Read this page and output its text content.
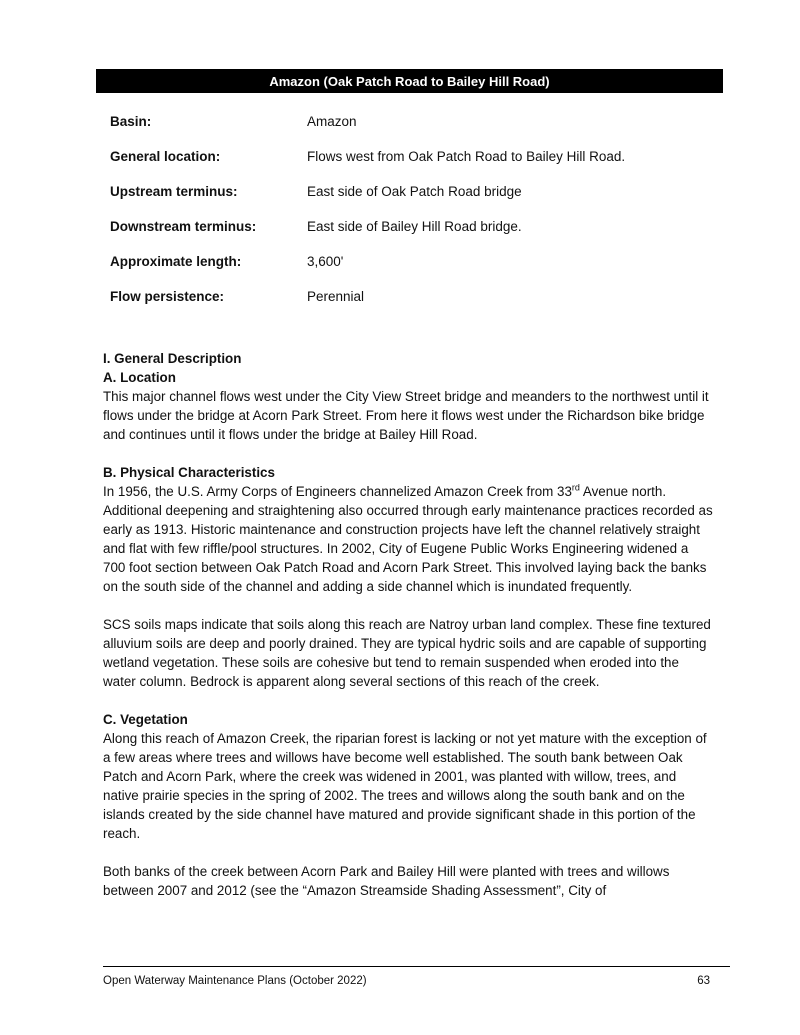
Amazon (Oak Patch Road to Bailey Hill Road)
Basin:	Amazon
General location:	Flows west from Oak Patch Road to Bailey Hill Road.
Upstream terminus:	East side of Oak Patch Road bridge
Downstream terminus:	East side of Bailey Hill Road bridge.
Approximate length:	3,600'
Flow persistence:	Perennial
I. General Description
A. Location

This major channel flows west under the City View Street bridge and meanders to the northwest until it flows under the bridge at Acorn Park Street. From here it flows west under the Richardson bike bridge and continues until it flows under the bridge at Bailey Hill Road.

B. Physical Characteristics

In 1956, the U.S. Army Corps of Engineers channelized Amazon Creek from 33rd Avenue north. Additional deepening and straightening also occurred through early maintenance practices recorded as early as 1913. Historic maintenance and construction projects have left the channel relatively straight and flat with few riffle/pool structures. In 2002, City of Eugene Public Works Engineering widened a 700 foot section between Oak Patch Road and Acorn Park Street. This involved laying back the banks on the south side of the channel and adding a side channel which is inundated frequently.

SCS soils maps indicate that soils along this reach are Natroy urban land complex. These fine textured alluvium soils are deep and poorly drained. They are typical hydric soils and are capable of supporting wetland vegetation. These soils are cohesive but tend to remain suspended when eroded into the water column. Bedrock is apparent along several sections of this reach of the creek.

C. Vegetation

Along this reach of Amazon Creek, the riparian forest is lacking or not yet mature with the exception of a few areas where trees and willows have become well established. The south bank between Oak Patch and Acorn Park, where the creek was widened in 2001, was planted with willow, trees, and native prairie species in the spring of 2002. The trees and willows along the south bank and on the islands created by the side channel have matured and provide significant shade in this portion of the reach.

Both banks of the creek between Acorn Park and Bailey Hill were planted with trees and willows between 2007 and 2012 (see the “Amazon Streamside Shading Assessment”, City of

Open Waterway Maintenance Plans (October 2022)	63
